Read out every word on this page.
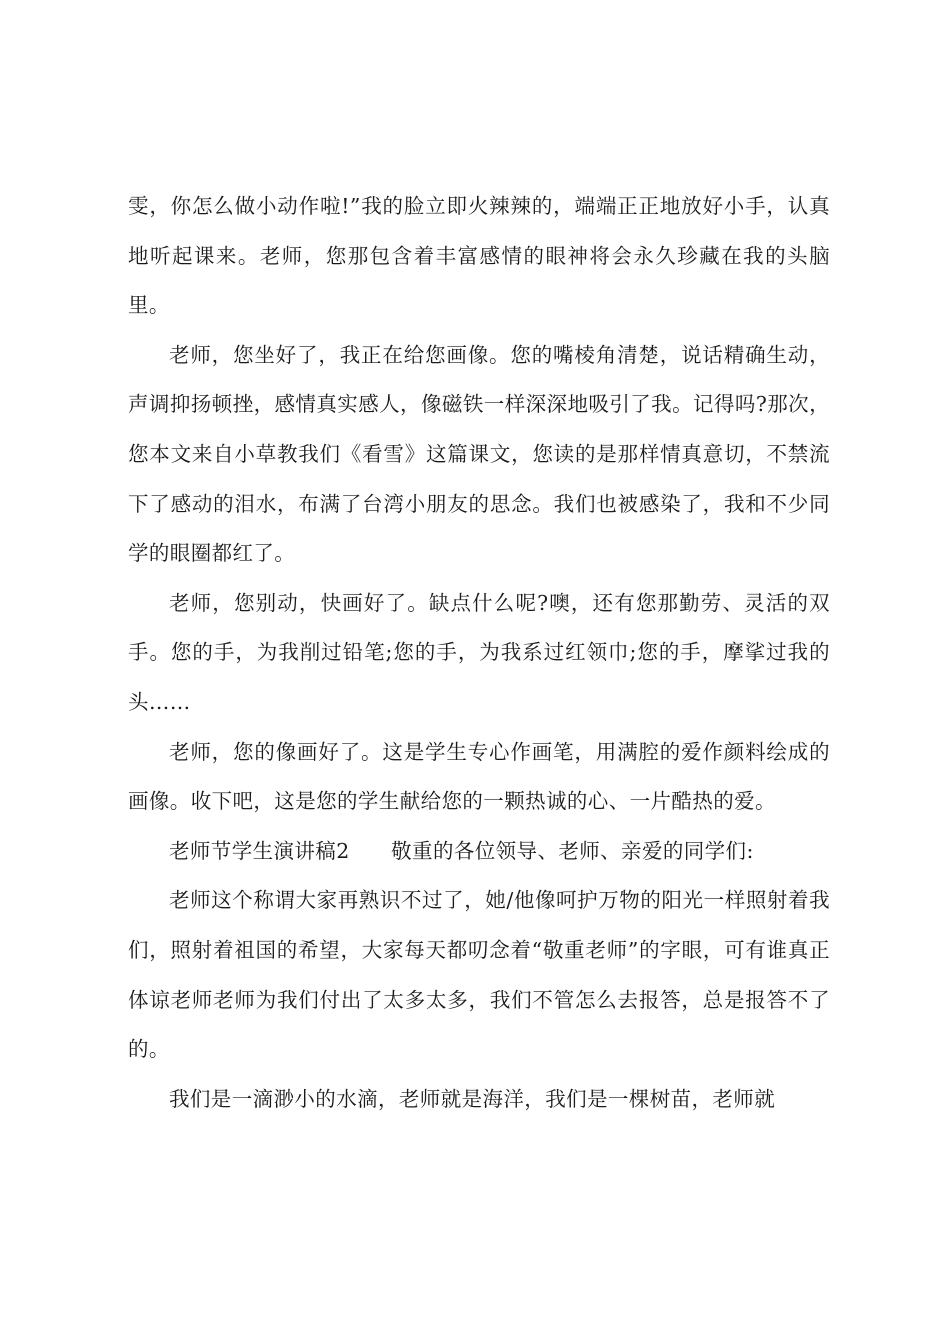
雯，你怎么做小动作啦!”我的脸立即火辣辣的，端端正正地放好小手，认真地听起课来。老师，您那包含着丰富感情的眼神将会永久珍藏在我的头脑里。

老师，您坐好了，我正在给您画像。您的嘴棱角清楚，说话精确生动，声调抑扬顿挫，感情真实感人，像磁铁一样深深地吸引了我。记得吗?那次，您本文来自小草教我们《看雪》这篇课文，您读的是那样情真意切，不禁流下了感动的泪水，布满了台湾小朋友的思念。我们也被感染了，我和不少同学的眼圈都红了。

老师，您别动，快画好了。缺点什么呢?噢，还有您那勤劳、灵活的双手。您的手，为我削过铅笔;您的手，为我系过红领巾;您的手，摩挲过我的头……

老师，您的像画好了。这是学生专心作画笔，用满腔的爱作颜料绘成的画像。收下吧，这是您的学生献给您的一颗热诚的心、一片酷热的爱。

老师节学生演讲稿2 敬重的各位领导、老师、亲爱的同学们:

老师这个称谓大家再熟识不过了，她/他像呵护万物的阳光一样照射着我们，照射着祖国的希望，大家每天都叨念着“敬重老师”的字眼，可有谁真正体谅老师老师为我们付出了太多太多，我们不管怎么去报答，总是报答不了的。

我们是一滴渺小的水滴，老师就是海洋，我们是一棵树苗，老师就
